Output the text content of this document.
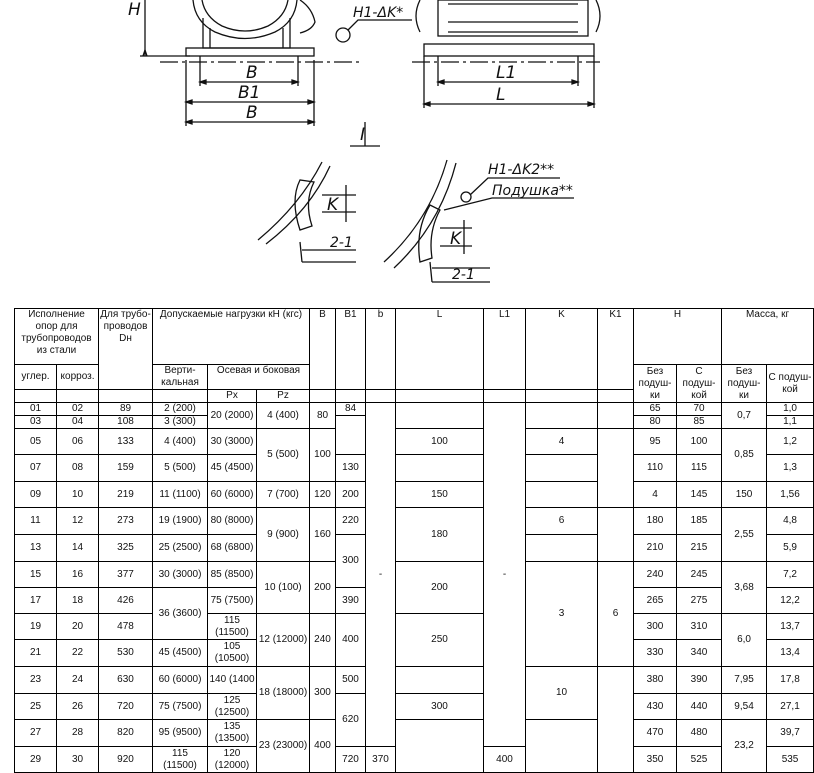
H
B
B1
B
H1-ΔK*
L1
L
I
K
H1-ΔK2**
Подушка**
K
2-1
2-1
Исполнение опор для трубопроводов из стали		Для трубо-проводов Dн	Допускаемые нагрузки кН (кгс)			B	B1	b	L	L1	K	K1	H		Масса, кг		
углер.	корроз.		Верти-кальная	Осевая и боковая									Без подуш-ки	С подуш-кой	Без подуш-ки	С подуш-кой	

				Px	Pz												
01	02	89	2 (200)	20 (2000)	4 (400)	80	84	-		-			65	70	0,7	1,0	
03	04	108	3 (300)										80	85		1,1	
05	06	133	4 (400)	30 (3000)	5 (500)	100			100		4		95	100	0,85	1,2	
07	08	159	5 (500)	45 (4500)			130						110	115		1,3	
09	10	219	11 (1100)	60 (6000)	7 (700)	120	200		150				4	145	150	1,56	
11	12	273	19 (1900)	80 (8000)	9 (900)	160	220		180		6		180	185	2,55	4,8	
13	14	325	25 (2500)	68 (6800)			300						210	215		5,9	
15	16	377	30 (3000)	85 (8500)	10 (100)	200			200		3	6	240	245	3,68	7,2	
17	18	426	36 (3600)	75 (7500)			390						265	275		12,2	
19	20	478		115 (11500)	12 (12000)	240	400		250				300	310	6,0	13,7	
21	22	530	45 (4500)	105 (10500)									330	340		13,4	
23	24	630	60 (6000)	140 (1400	18 (18000)	300	500				10		380	390	7,95	17,8	
25	26	720	75 (7500)	125 (12500)			620		300				430	440	9,54	27,1	
27	28	820	95 (9500)	135 (13500)	23 (23000)	400							470	480	23,2	39,7	
29	30	920	115 (11500)	120 (12000)			720	370		400			350	525		535	
